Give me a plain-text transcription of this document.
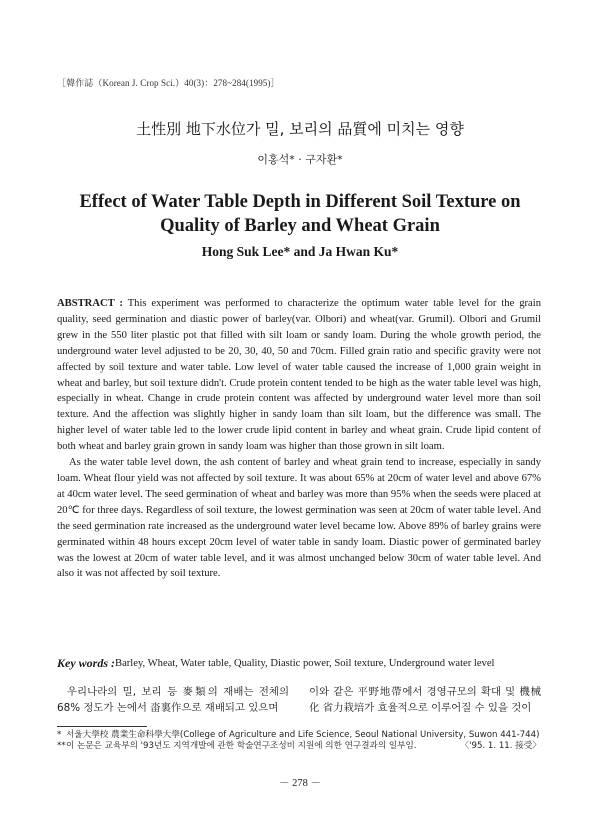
［韓作誌（Korean J. Crop Sci.）40(3)：278~284(1995)］
土性別 地下水位가 밀, 보리의 品質에 미치는 영향
이홍석* · 구자환*
Effect of Water Table Depth in Different Soil Texture on Quality of Barley and Wheat Grain
Hong Suk Lee* and Ja Hwan Ku*

ABSTRACT : This experiment was performed to characterize the optimum water table level for the grain quality, seed germination and diastic power of barley(var. Olbori) and wheat(var. Grumil). Olbori and Grumil grew in the 550 liter plastic pot that filled with silt loam or sandy loam. During the whole growth period, the underground water level adjusted to be 20, 30, 40, 50 and 70cm. Filled grain ratio and specific gravity were not affected by soil texture and water table. Low level of water table caused the increase of 1,000 grain weight in wheat and barley, but soil texture didn't. Crude protein content tended to be high as the water table level was high, especially in wheat. Change in crude protein content was affected by underground water level more than soil texture. And the affection was slightly higher in sandy loam than silt loam, but the difference was small. The higher level of water table led to the lower crude lipid content in barley and wheat grain. Crude lipid content of both wheat and barley grain grown in sandy loam was higher than those grown in silt loam.

As the water table level down, the ash content of barley and wheat grain tend to increase, especially in sandy loam. Wheat flour yield was not affected by soil texture. It was about 65% at 20cm of water level and above 67% at 40cm water level. The seed germination of wheat and barley was more than 95% when the seeds were placed at 20℃ for three days. Regardless of soil texture, the lowest germination was seen at 20cm of water table level. And the seed germination rate increased as the underground water level became low. Above 89% of barley grains were germinated within 48 hours except 20cm level of water table in sandy loam. Diastic power of germinated barley was the lowest at 20cm of water table level, and it was almost unchanged below 30cm of water table level. And also it was not affected by soil texture.

Key words : Barley, Wheat, Water table, Quality, Diastic power, Soil texture, Underground water level

우리나라의 밀, 보리 등 麥類의 재배는 전체의 68% 정도가 논에서 畓裏作으로 재배되고 있으며

이와 같은 平野地帶에서 경영규모의 확대 및 機械化 省力栽培가 효율적으로 이루어질 수 있을 것이

* 서울大學校 農業生命科學大學(College of Agriculture and Life Science, Seoul National University, Suwon 441-744)
** 이 논문은 교육부의 '93년도 지역개발에 관한 학술연구조성비 지원에 의한 연구결과의 일부임.	〈'95. 1. 11. 接受〉
－ 278 －
